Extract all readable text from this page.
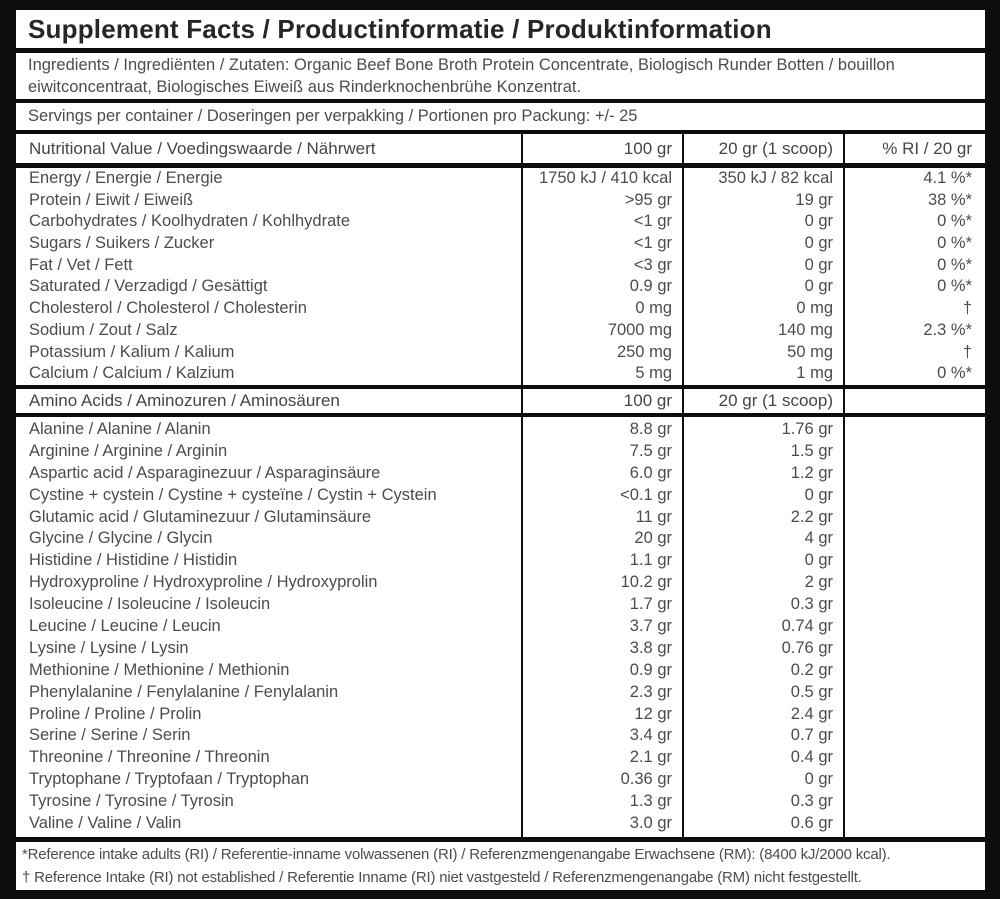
Supplement Facts / Productinformatie / Produktinformation
Ingredients / Ingrediënten / Zutaten: Organic Beef Bone Broth Protein Concentrate, Biologisch Runder Botten / bouillon eiwitconcentraat, Biologisches Eiweiß aus Rinderknochenbrühe Konzentrat.
Servings per container / Doseringen per verpakking / Portionen pro Packung: +/- 25
Nutritional Value / Voedingswaarde / Nährwert	100 gr	20 gr (1 scoop)	% RI / 20 gr
Energy / Energie / Energie	1750 kJ / 410 kcal	350 kJ / 82 kcal	4.1 %*
Protein / Eiwit / Eiweiß	>95 gr	19 gr	38 %*
Carbohydrates / Koolhydraten / Kohlhydrate	<1 gr	0 gr	0 %*
Sugars / Suikers / Zucker	<1 gr	0 gr	0 %*
Fat / Vet / Fett	<3 gr	0 gr	0 %*
Saturated / Verzadigd / Gesättigt	0.9 gr	0 gr	0 %*
Cholesterol / Cholesterol / Cholesterin	0 mg	0 mg	†
Sodium / Zout / Salz	7000 mg	140 mg	2.3 %*
Potassium / Kalium / Kalium	250 mg	50 mg	†
Calcium / Calcium / Kalzium	5 mg	1 mg	0 %*
Amino Acids / Aminozuren / Aminosäuren	100 gr	20 gr (1 scoop)
Alanine / Alanine / Alanin	8.8 gr	1.76 gr
Arginine / Arginine / Arginin	7.5 gr	1.5 gr
Aspartic acid / Asparaginezuur / Asparaginsäure	6.0 gr	1.2 gr
Cystine + cystein / Cystine + cysteïne / Cystin + Cystein	<0.1 gr	0 gr
Glutamic acid / Glutaminezuur / Glutaminsäure	11 gr	2.2 gr
Glycine / Glycine / Glycin	20 gr	4 gr
Histidine / Histidine / Histidin	1.1 gr	0 gr
Hydroxyproline / Hydroxyproline / Hydroxyprolin	10.2 gr	2 gr
Isoleucine / Isoleucine / Isoleucin	1.7 gr	0.3 gr
Leucine / Leucine / Leucin	3.7 gr	0.74 gr
Lysine / Lysine / Lysin	3.8 gr	0.76 gr
Methionine / Methionine / Methionin	0.9 gr	0.2 gr
Phenylalanine / Fenylalanine / Fenylalanin	2.3 gr	0.5 gr
Proline / Proline / Prolin	12 gr	2.4 gr
Serine / Serine / Serin	3.4 gr	0.7 gr
Threonine / Threonine / Threonin	2.1 gr	0.4 gr
Tryptophane / Tryptofaan / Tryptophan	0.36 gr	0 gr
Tyrosine / Tyrosine / Tyrosin	1.3 gr	0.3 gr
Valine / Valine / Valin	3.0 gr	0.6 gr
*Reference intake adults (RI) / Referentie-inname volwassenen (RI) / Referenzmengenangabe Erwachsene (RM): (8400 kJ/2000 kcal).
† Reference Intake (RI) not established / Referentie Inname (RI) niet vastgesteld / Referenzmengenangabe (RM) nicht festgestellt.
